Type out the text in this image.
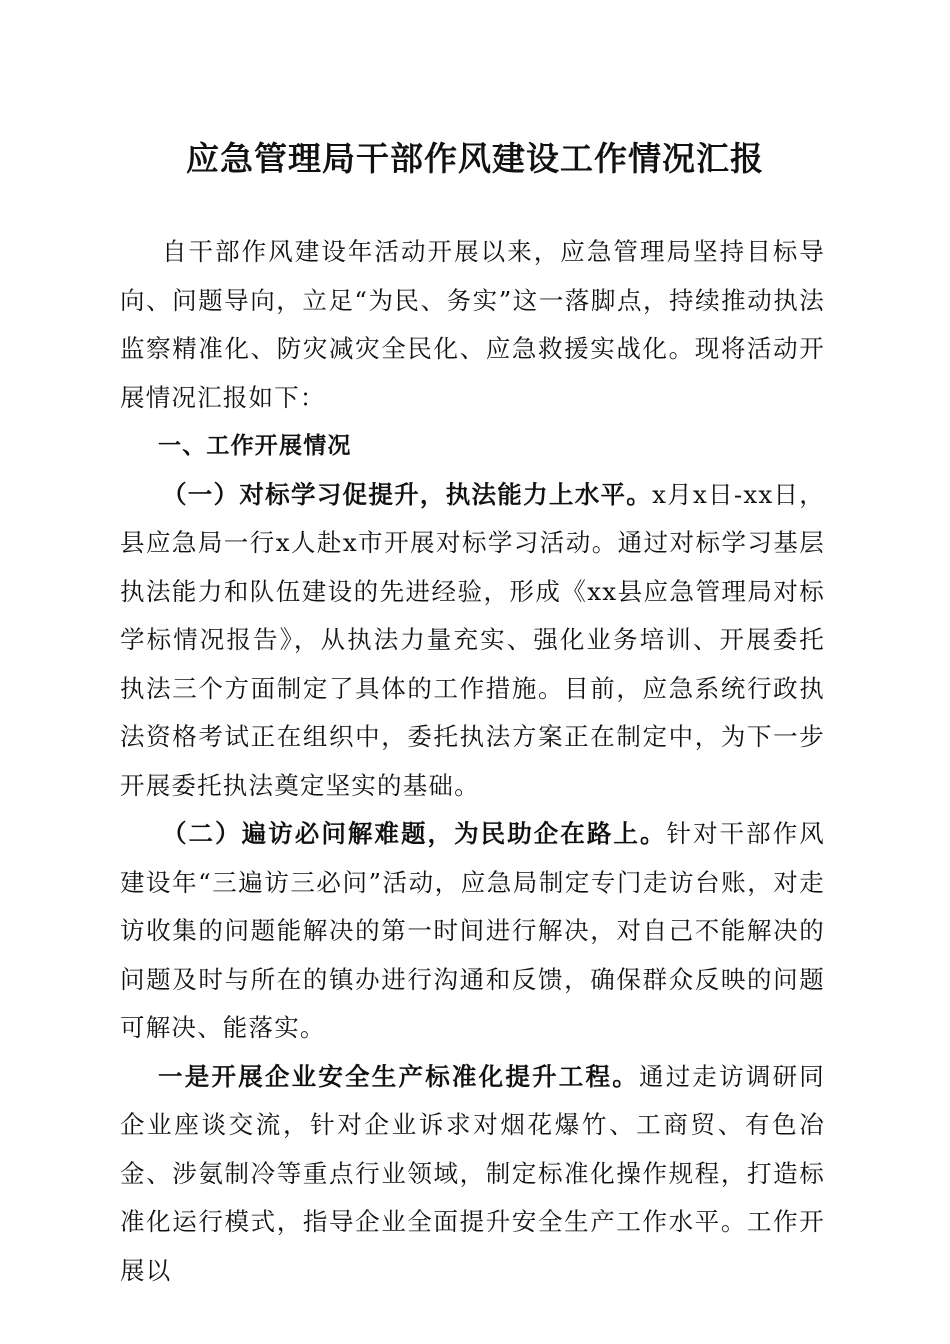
应急管理局干部作风建设工作情况汇报

自干部作风建设年活动开展以来，应急管理局坚持目标导向、问题导向，立足“为民、务实”这一落脚点，持续推动执法监察精准化、防灾减灾全民化、应急救援实战化。现将活动开展情况汇报如下：

一、工作开展情况

（一）对标学习促提升，执法能力上水平。x月x日-xx日，县应急局一行x人赴x市开展对标学习活动。通过对标学习基层执法能力和队伍建设的先进经验，形成《xx县应急管理局对标学标情况报告》，从执法力量充实、强化业务培训、开展委托执法三个方面制定了具体的工作措施。目前，应急系统行政执法资格考试正在组织中，委托执法方案正在制定中，为下一步开展委托执法奠定坚实的基础。

（二）遍访必问解难题，为民助企在路上。针对干部作风建设年“三遍访三必问”活动，应急局制定专门走访台账，对走访收集的问题能解决的第一时间进行解决，对自己不能解决的问题及时与所在的镇办进行沟通和反馈，确保群众反映的问题可解决、能落实。

一是开展企业安全生产标准化提升工程。通过走访调研同企业座谈交流，针对企业诉求对烟花爆竹、工商贸、有色冶金、涉氨制冷等重点行业领域，制定标准化操作规程，打造标准化运行模式，指导企业全面提升安全生产工作水平。工作开展以
